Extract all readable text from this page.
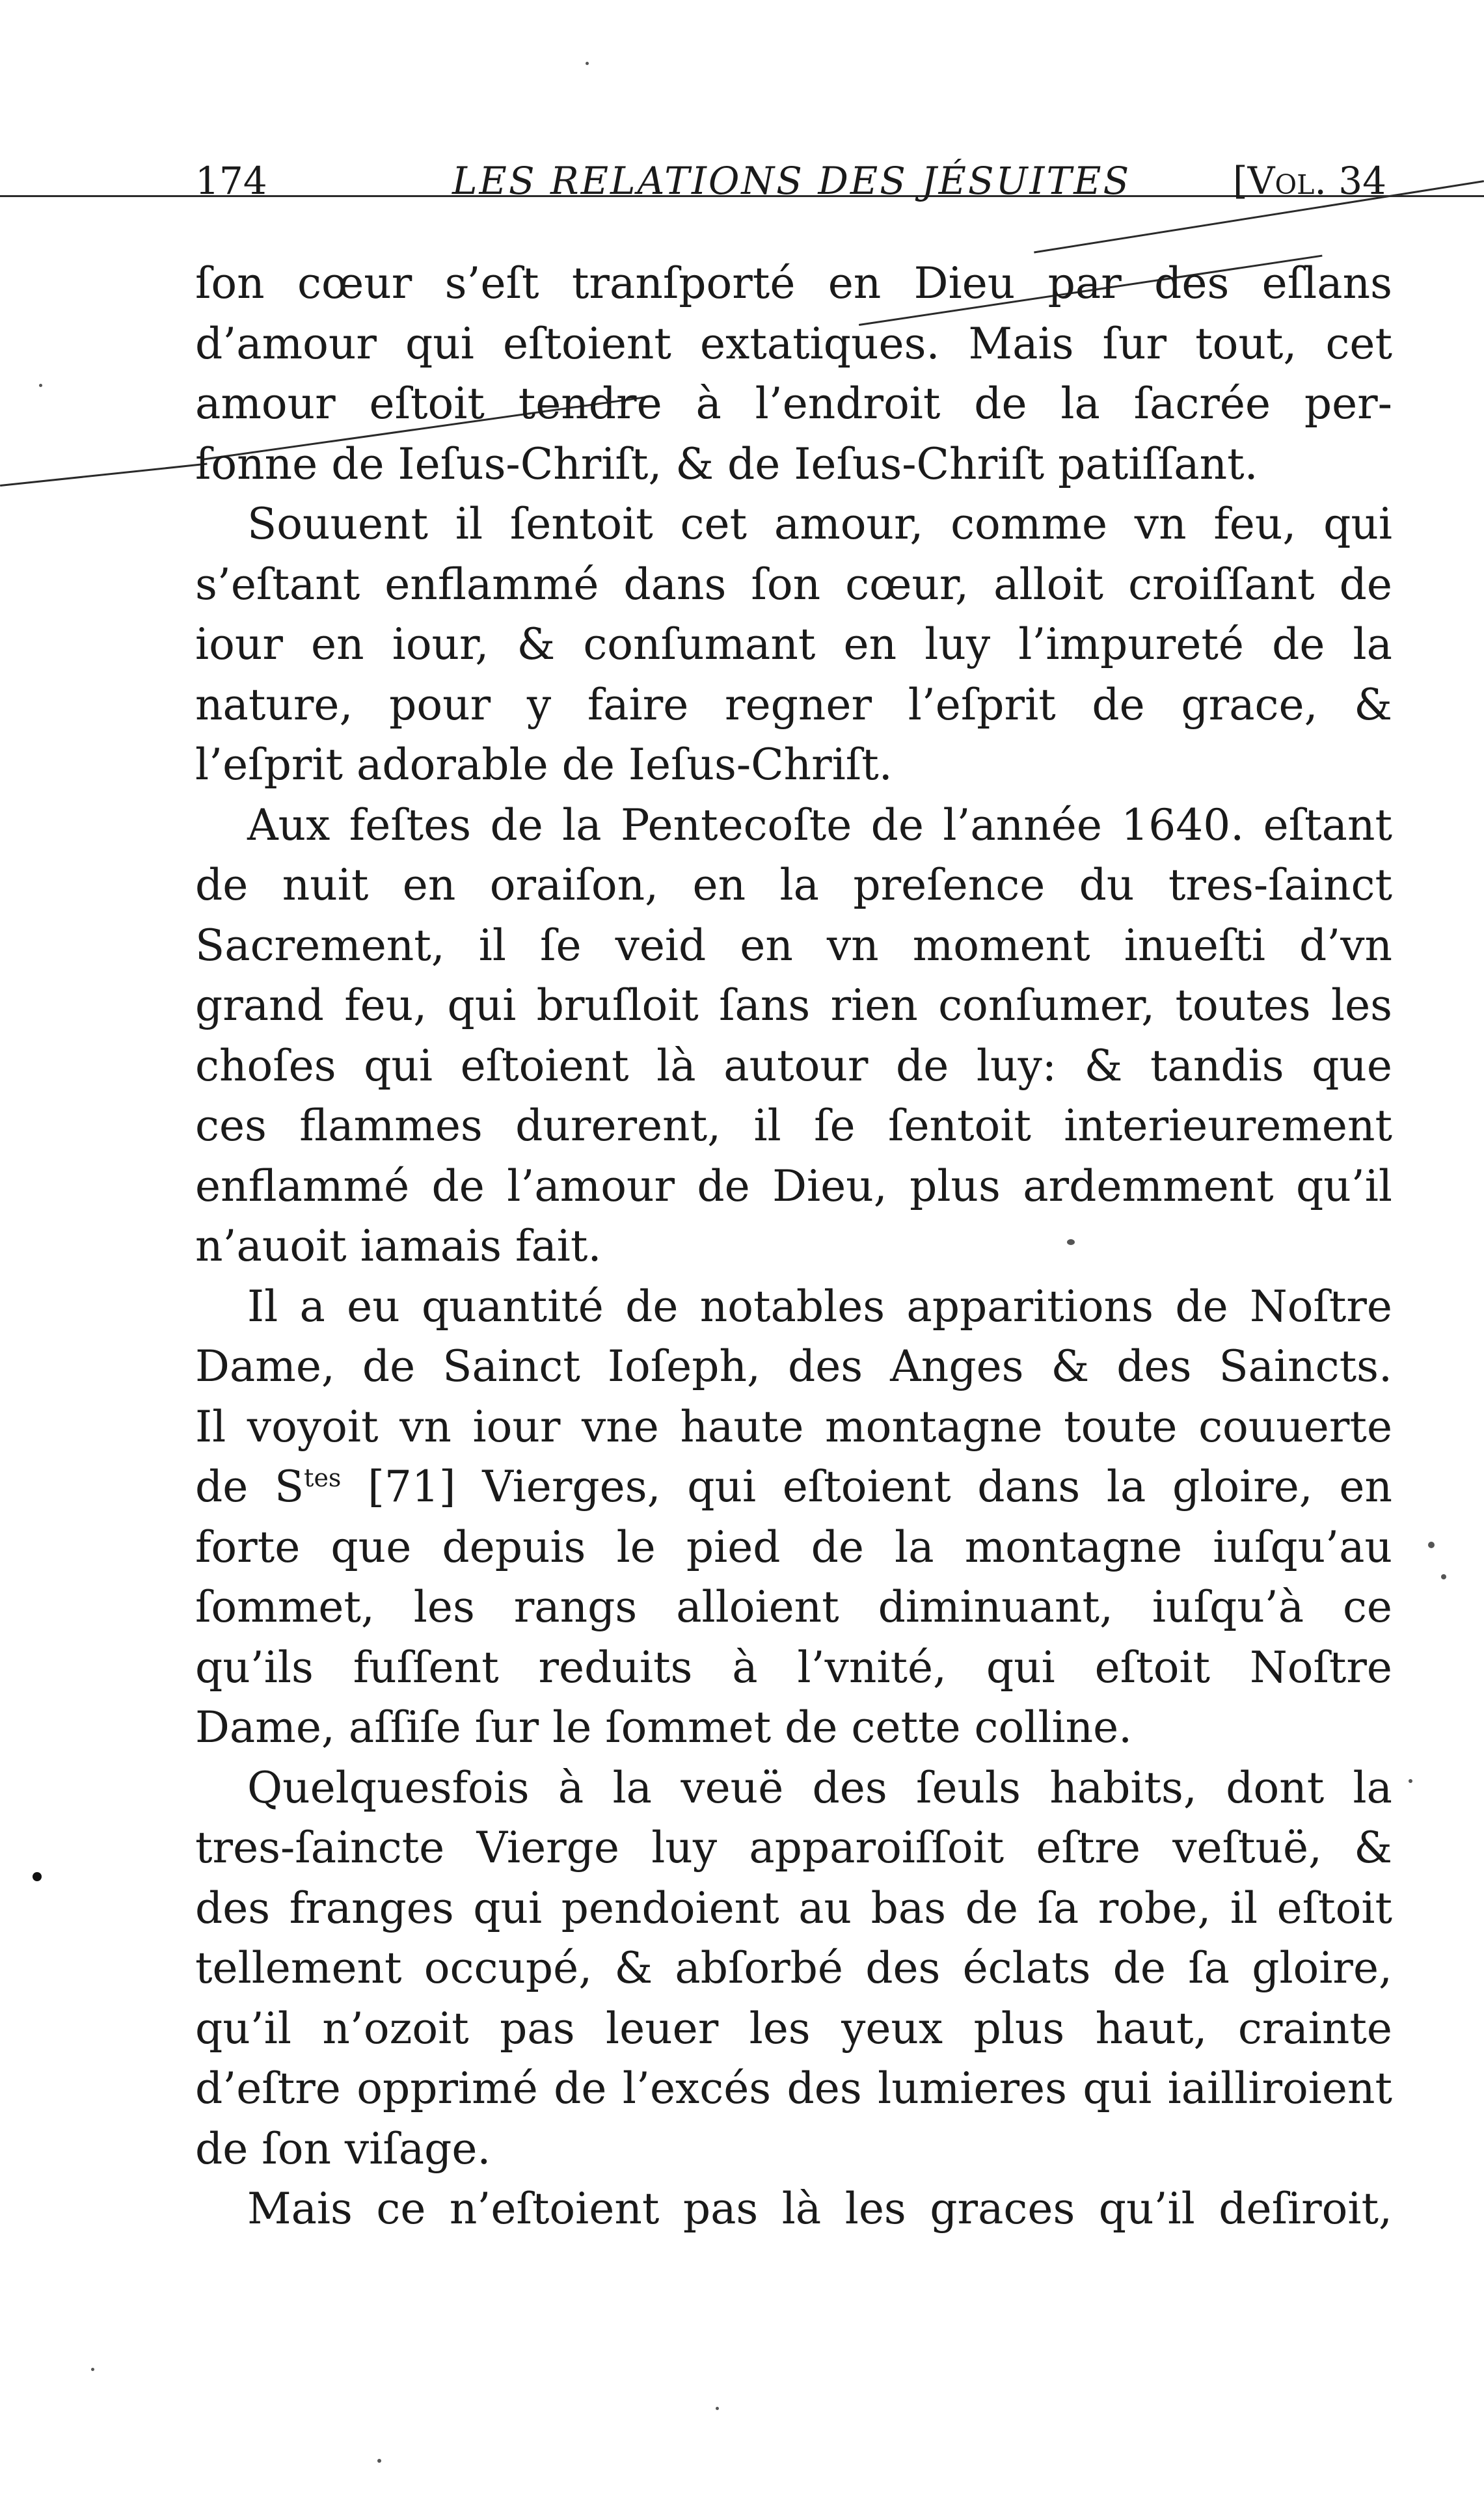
174	LES RELATIONS DES JÉSUITES	[Vol. 34
ſon cœur s’eſt tranſporté en Dieu par des eſlans
d’amour qui eſtoient extatiques. Mais ſur tout, cet
amour eſtoit tendre à l’endroit de la ſacrée per-
ſonne de Ieſus-Chriſt, & de Ieſus-Chriſt patiſſant.
Souuent il ſentoit cet amour, comme vn feu, qui
s’eſtant enflammé dans ſon cœur, alloit croiſſant de
iour en iour, & conſumant en luy l’impureté de la
nature, pour y faire regner l’eſprit de grace, &
l’eſprit adorable de Ieſus-Chriſt.
Aux feſtes de la Pentecoſte de l’année 1640. eſtant
de nuit en oraiſon, en la preſence du tres-ſainct
Sacrement, il ſe veid en vn moment inueſti d’vn
grand feu, qui bruſloit ſans rien conſumer, toutes les
choſes qui eſtoient là autour de luy: & tandis que
ces flammes durerent, il ſe ſentoit interieurement
enflammé de l’amour de Dieu, plus ardemment qu’il
n’auoit iamais fait.
Il a eu quantité de notables apparitions de Noſtre
Dame, de Sainct Ioſeph, des Anges & des Saincts.
Il voyoit vn iour vne haute montagne toute couuerte
de $S^{tes}$ [71] Vierges, qui eſtoient dans la gloire, en
forte que depuis le pied de la montagne iuſqu’au
ſommet, les rangs alloient diminuant, iuſqu’à ce
qu’ils fuſſent reduits à l’vnité, qui eſtoit Noſtre
Dame, aſſiſe ſur le ſommet de cette colline.
Quelquesfois à la veuë des ſeuls habits, dont la
tres-ſaincte Vierge luy apparoiſſoit eſtre veſtuë, &
des franges qui pendoient au bas de ſa robe, il eſtoit
tellement occupé, & abſorbé des éclats de ſa gloire,
qu’il n’ozoit pas leuer les yeux plus haut, crainte
d’eſtre opprimé de l’excés des lumieres qui iailliroient
de ſon viſage.
Mais ce n’eſtoient pas là les graces qu’il deſiroit,
